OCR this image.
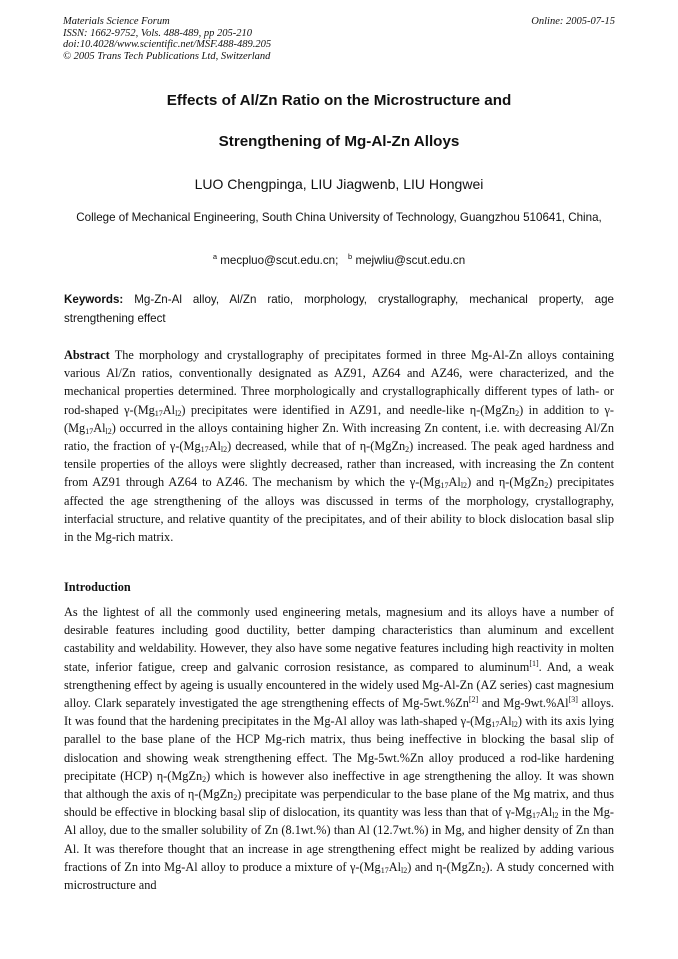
Materials Science Forum
ISSN: 1662-9752, Vols. 488-489, pp 205-210
doi:10.4028/www.scientific.net/MSF.488-489.205
© 2005 Trans Tech Publications Ltd, Switzerland
Online: 2005-07-15
Effects of Al/Zn Ratio on the Microstructure and
Strengthening of Mg-Al-Zn Alloys
LUO Chengpinga, LIU Jiagwenb, LIU Hongwei
College of Mechanical Engineering, South China University of Technology, Guangzhou 510641, China,
$^a$ mecpluo@scut.edu.cn; $^b$ mejwliu@scut.edu.cn
Keywords: Mg-Zn-Al alloy, Al/Zn ratio, morphology, crystallography, mechanical property, age strengthening effect
Abstract The morphology and crystallography of precipitates formed in three Mg-Al-Zn alloys containing various Al/Zn ratios, conventionally designated as AZ91, AZ64 and AZ46, were characterized, and the mechanical properties determined. Three morphologically and crystallographically different types of lath- or rod-shaped $\gamma-(Mg_{17}Al_{l2})$ precipitates were identified in AZ91, and needle-like η-(MgZn$_2$) in addition to $\gamma-(Mg_{17}Al_{l2})$ occurred in the alloys containing higher Zn. With increasing Zn content, i.e. with decreasing Al/Zn ratio, the fraction of $\gamma-(Mg_{17}Al_{l2})$ decreased, while that of η-(MgZn$_2$) increased. The peak aged hardness and tensile properties of the alloys were slightly decreased, rather than increased, with increasing the Zn content from AZ91 through AZ64 to AZ46. The mechanism by which the $\gamma-(Mg_{17}Al_{l2})$ and η-(MgZn$_2$) precipitates affected the age strengthening of the alloys was discussed in terms of the morphology, crystallography, interfacial structure, and relative quantity of the precipitates, and of their ability to block dislocation basal slip in the Mg-rich matrix.
Introduction
As the lightest of all the commonly used engineering metals, magnesium and its alloys have a number of desirable features including good ductility, better damping characteristics than aluminum and excellent castability and weldability. However, they also have some negative features including high reactivity in molten state, inferior fatigue, creep and galvanic corrosion resistance, as compared to aluminum[1]. And, a weak strengthening effect by ageing is usually encountered in the widely used Mg-Al-Zn (AZ series) cast magnesium alloy. Clark separately investigated the age strengthening effects of Mg-5wt.%Zn[2] and Mg-9wt.%Al[3] alloys. It was found that the hardening precipitates in the Mg-Al alloy was lath-shaped $\gamma-(Mg_{17}Al_{l2})$ with its axis lying parallel to the base plane of the HCP Mg-rich matrix, thus being ineffective in blocking the basal slip of dislocation and showing weak strengthening effect. The Mg-5wt.%Zn alloy produced a rod-like hardening precipitate (HCP) η-(MgZn$_2$) which is however also ineffective in age strengthening the alloy. It was shown that although the axis of η-(MgZn$_2$) precipitate was perpendicular to the base plane of the Mg matrix, and thus should be effective in blocking basal slip of dislocation, its quantity was less than that of $\gamma-Mg_{17}Al_{l2}$ in the Mg-Al alloy, due to the smaller solubility of Zn (8.1wt.%) than Al (12.7wt.%) in Mg, and higher density of Zn than Al. It was therefore thought that an increase in age strengthening effect might be realized by adding various fractions of Zn into Mg-Al alloy to produce a mixture of $\gamma-(Mg_{17}Al_{l2})$ and η-(MgZn$_2$). A study concerned with microstructure and
